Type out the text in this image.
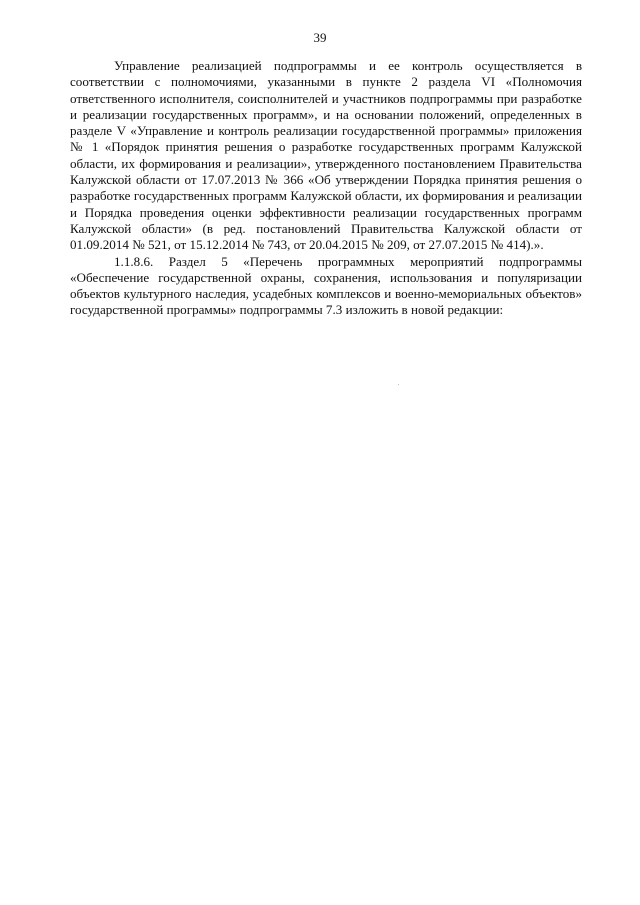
39

Управление реализацией подпрограммы и ее контроль осуществляется в соответствии с полномочиями, указанными в пункте 2 раздела VI «Полномочия ответственного исполнителя, соисполнителей и участников подпрограммы при разработке и реализации государственных программ», и на основании положений, определенных в разделе V «Управление и контроль реализации государственной программы» приложения № 1 «Порядок принятия решения о разработке государственных программ Калужской области, их формирования и реализации», утвержденного постановлением Правительства Калужской области от 17.07.2013 № 366 «Об утверждении Порядка принятия решения о разработке государственных программ Калужской области, их формирования и реализации и Порядка проведения оценки эффективности реализации государственных программ Калужской области» (в ред. постановлений Правительства Калужской области от 01.09.2014 № 521, от 15.12.2014 № 743, от 20.04.2015 № 209, от 27.07.2015 № 414).».

1.1.8.6. Раздел 5 «Перечень программных мероприятий подпрограммы «Обеспечение государственной охраны, сохранения, использования и популяризации объектов культурного наследия, усадебных комплексов и военно-мемориальных объектов» государственной программы» подпрограммы 7.3 изложить в новой редакции:
